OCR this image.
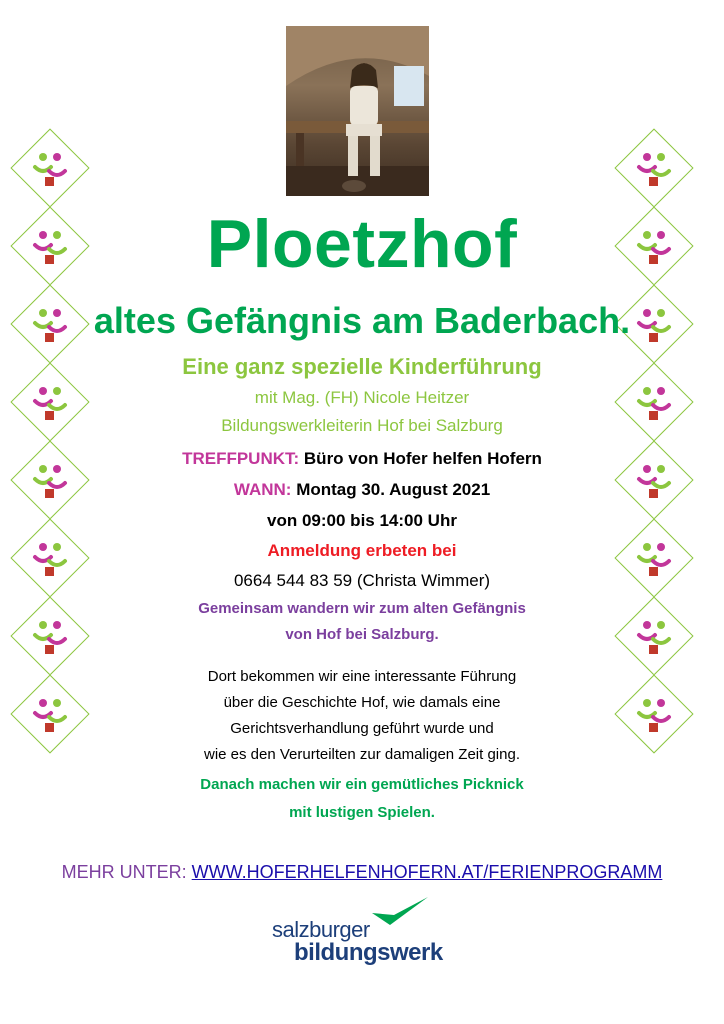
Ploetzhof
altes Gefängnis am Baderbach.
Eine ganz spezielle Kinderführung
mit Mag. (FH) Nicole Heitzer
Bildungswerkleiterin Hof bei Salzburg
TREFFPUNKT: Büro von Hofer helfen Hofern
WANN: Montag 30. August 2021
von 09:00 bis 14:00 Uhr
Anmeldung erbeten bei
0664 544 83 59 (Christa Wimmer)
Gemeinsam wandern wir zum alten Gefängnis
von Hof bei Salzburg.
Dort bekommen wir eine interessante Führung
über die Geschichte Hof, wie damals eine
Gerichtsverhandlung geführt wurde und
wie es den Verurteilten zur damaligen Zeit ging.
Danach machen wir ein gemütliches Picknick
mit lustigen Spielen.
MEHR UNTER: WWW.HOFERHELFENHOFERN.AT/FERIENPROGRAMM
salzburger
bildungswerk
